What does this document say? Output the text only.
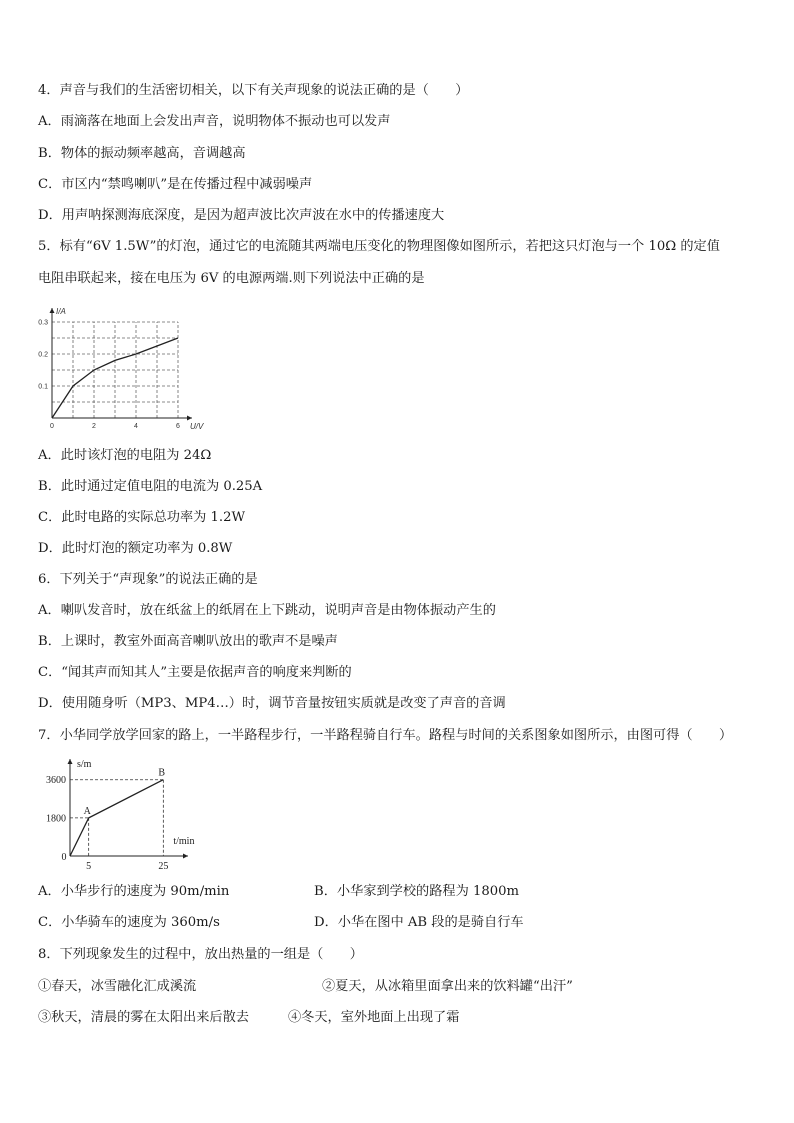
4．声音与我们的生活密切相关，以下有关声现象的说法正确的是（　　）
A．雨滴落在地面上会发出声音，说明物体不振动也可以发声
B．物体的振动频率越高，音调越高
C．市区内“禁鸣喇叭”是在传播过程中减弱噪声
D．用声呐探测海底深度，是因为超声波比次声波在水中的传播速度大
5．标有“6V 1.5W”的灯泡，通过它的电流随其两端电压变化的物理图像如图所示，若把这只灯泡与一个 10Ω 的定值
电阻串联起来，接在电压为 6V 的电源两端.则下列说法中正确的是
0	2	4	6
0.1
0.2
0.3
U/V
I/A
A．此时该灯泡的电阻为 24Ω
B．此时通过定值电阻的电流为 0.25A
C．此时电路的实际总功率为 1.2W
D．此时灯泡的额定功率为 0.8W
6．下列关于“声现象”的说法正确的是
A．喇叭发音时，放在纸盆上的纸屑在上下跳动，说明声音是由物体振动产生的
B．上课时，教室外面高音喇叭放出的歌声不是噪声
C．“闻其声而知其人”主要是依据声音的响度来判断的
D．使用随身听（MP3、MP4…）时，调节音量按钮实质就是改变了声音的音调
7．小华同学放学回家的路上，一半路程步行，一半路程骑自行车。路程与时间的关系图象如图所示，由图可得（　　）
A
B
1800
3600
0
5	25
t/min
s/m
A．小华步行的速度为 90m/min	B．小华家到学校的路程为 1800m
C．小华骑车的速度为 360m/s	D．小华在图中 AB 段的是骑自行车
8．下列现象发生的过程中，放出热量的一组是（　　）
①春天，冰雪融化汇成溪流	②夏天，从冰箱里面拿出来的饮料罐“出汗”
③秋天，清晨的雾在太阳出来后散去	④冬天，室外地面上出现了霜
